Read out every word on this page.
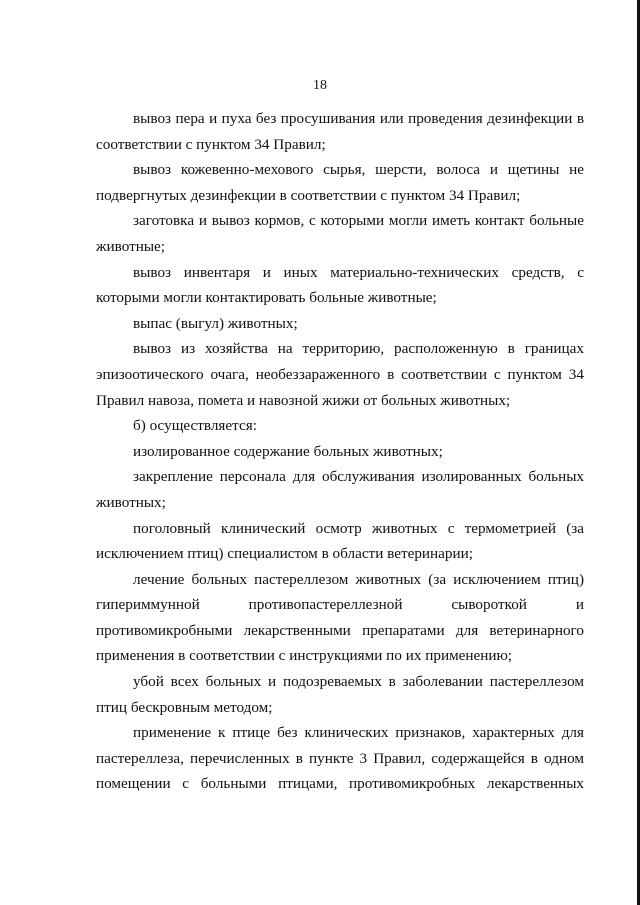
18

вывоз пера и пуха без просушивания или проведения дезинфекции в соответствии с пунктом 34 Правил;

вывоз кожевенно-мехового сырья, шерсти, волоса и щетины не подвергнутых дезинфекции в соответствии с пунктом 34 Правил;

заготовка и вывоз кормов, с которыми могли иметь контакт больные животные;

вывоз инвентаря и иных материально-технических средств, с которыми могли контактировать больные животные;

выпас (выгул) животных;

вывоз из хозяйства на территорию, расположенную в границах эпизоотического очага, необеззараженного в соответствии с пунктом 34 Правил навоза, помета и навозной жижи от больных животных;

б) осуществляется:

изолированное содержание больных животных;

закрепление персонала для обслуживания изолированных больных животных;

поголовный клинический осмотр животных с термометрией (за исключением птиц) специалистом в области ветеринарии;

лечение больных пастереллезом животных (за исключением птиц) гипериммунной противопастереллезной сывороткой и противомикробными лекарственными препаратами для ветеринарного применения в соответствии с инструкциями по их применению;

убой всех больных и подозреваемых в заболевании пастереллезом птиц бескровным методом;

применение к птице без клинических признаков, характерных для пастереллеза, перечисленных в пункте 3 Правил, содержащейся в одном помещении с больными птицами, противомикробных лекарственных
